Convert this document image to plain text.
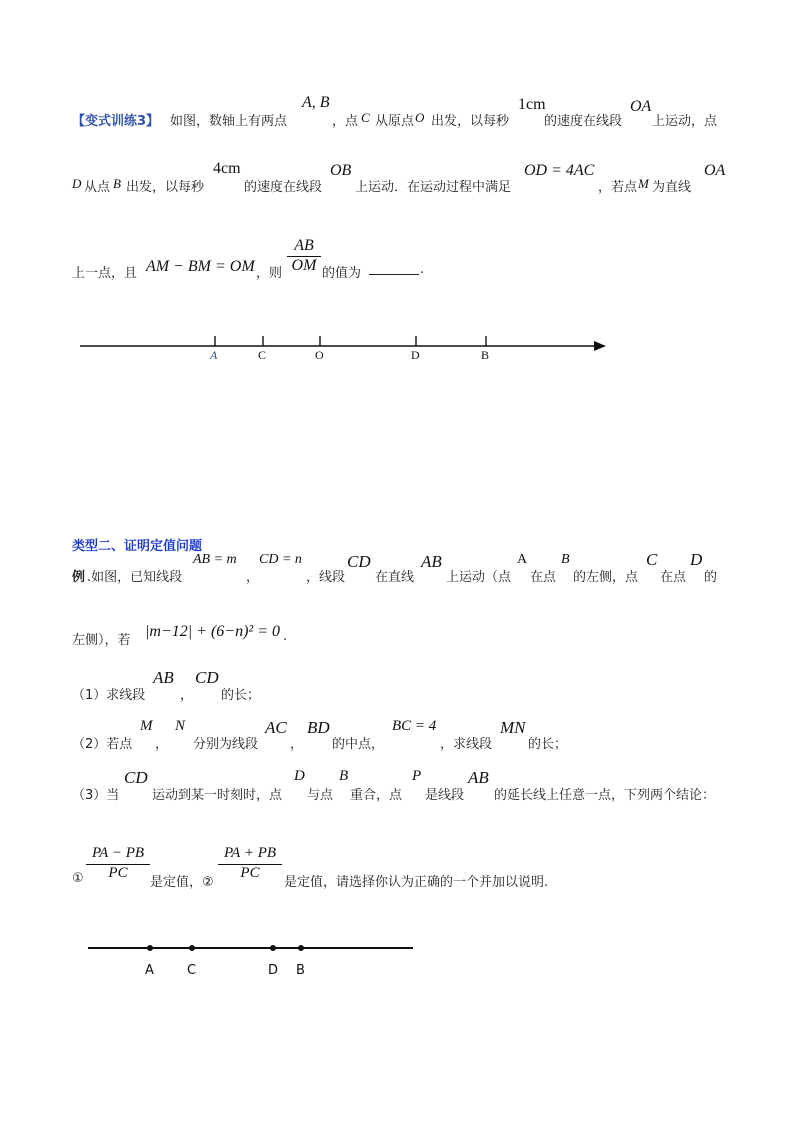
【变式训练3】 如图，数轴上有两点
A, B
，点 C 从原点 O 出发，以每秒
1cm
的速度在线段
OA
上运动，点
D 从点 B 出发，以每秒
4cm
的速度在线段
OB
上运动．在运动过程中满足
OD = 4AC
，若点 M 为直线
OA
上一点，且 AM − BM = OM ，则 $\frac{AB}{OM}$ 的值为	.
A	C	O	D	B
类型二、证明定值问题
例 .如图，已知线段
AB = m
，
CD = n
，线段
CD
在直线
AB
上运动（点
A
在点
B
的左侧，点
C
在点
D
的
左侧），若
|m−12| + (6−n)² = 0 .
（1）求线段
AB
，
CD
的长；
（2）若点
M
，
N
分别为线段
AC
，
BD
的中点，
BC = 4
，求线段
MN
的长；
（3）当
CD
运动到某一时刻时，点
D
与点
B
重合，点
P
是线段
AB
的延长线上任意一点，下列两个结论：
① $\frac{PA - PB}{PC}$
是定值，②
$\frac{PA + PB}{PC}$
是定值，请选择你认为正确的一个并加以说明.
A	C	D B
